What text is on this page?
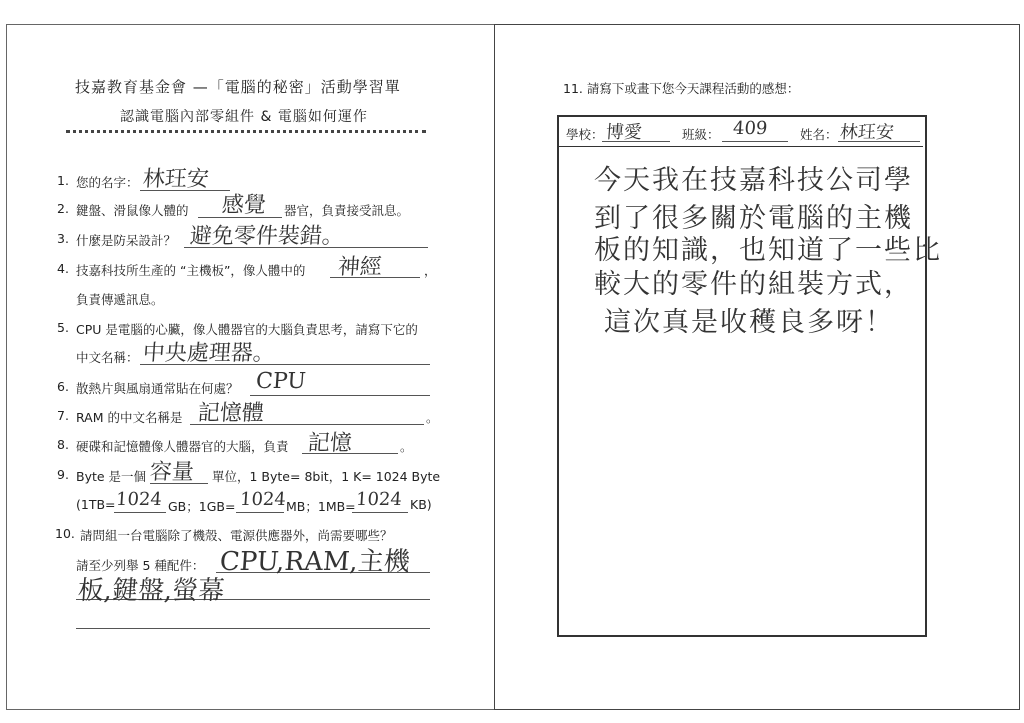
技嘉教育基金會 —「電腦的秘密」活動學習單
認識電腦內部零組件 & 電腦如何運作
1. 您的名字： 林玨安
2. 鍵盤、滑鼠像人體的 感覺 器官，負責接受訊息。
3. 什麼是防呆設計？ 避免零件裝錯。
4. 技嘉科技所生產的 “主機板”，像人體中的 神經	，
負責傳遞訊息。
5. CPU 是電腦的心臟，像人體器官的大腦負責思考，請寫下它的
中文名稱： 中央處理器。
6. 散熱片與風扇通常貼在何處？ CPU
7. RAM 的中文名稱是 記憶體	。
8. 硬碟和記憶體像人體器官的大腦，負責 記憶	。
9. Byte 是一個 容量 單位，1 Byte= 8bit，1 K= 1024 Byte
(1TB= 1024 GB；1GB= 1024 MB；1MB= 1024 KB)
10. 請問組一台電腦除了機殼、電源供應器外，尚需要哪些？
請至少列舉 5 種配件： CPU,RAM,主機
板,鍵盤,螢幕
11. 請寫下或畫下您今天課程活動的感想：
學校： 博愛	班級： 409	姓名： 林玨安
今天我在技嘉科技公司學
到了很多關於電腦的主機
板的知識，也知道了一些比
較大的零件的組裝方式，
這次真是收穫良多呀！
